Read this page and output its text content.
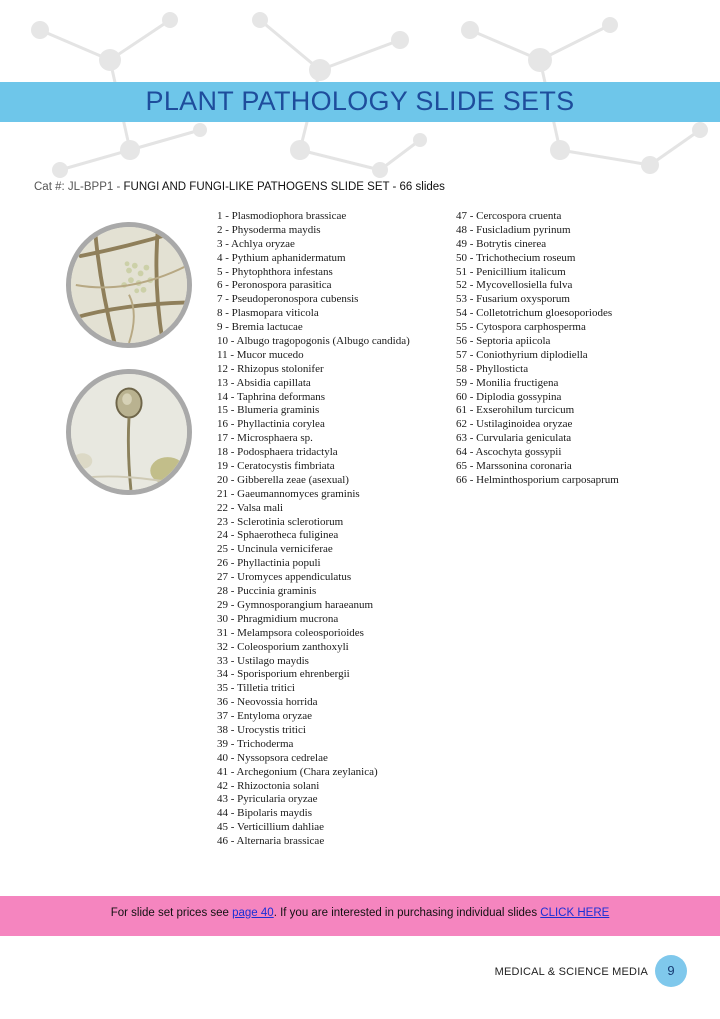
PLANT PATHOLOGY SLIDE SETS
Cat #: JL-BPP1 - FUNGI AND FUNGI-LIKE PATHOGENS SLIDE SET - 66 slides
1 - Plasmodiophora brassicae
2 - Physoderma maydis
3 - Achlya oryzae
4 - Pythium aphanidermatum
5 - Phytophthora infestans
6 - Peronospora parasitica
7 - Pseudoperonospora cubensis
8 - Plasmopara viticola
9 - Bremia lactucae
10 - Albugo tragopogonis (Albugo candida)
11 - Mucor mucedo
12 - Rhizopus stolonifer
13 - Absidia capillata
14 - Taphrina deformans
15 - Blumeria graminis
16 - Phyllactinia corylea
17 - Microsphaera sp.
18 - Podosphaera tridactyla
19 - Ceratocystis fimbriata
20 - Gibberella zeae (asexual)
21 - Gaeumannomyces graminis
22 - Valsa mali
23 - Sclerotinia sclerotiorum
24 - Sphaerotheca fuliginea
25 - Uncinula verniciferae
26 - Phyllactinia populi
27 - Uromyces appendiculatus
28 - Puccinia graminis
29 - Gymnosporangium haraeanum
30 - Phragmidium mucrona
31 - Melampsora coleosporioides
32 - Coleosporium zanthoxyli
33 - Ustilago maydis
34 - Sporisporium ehrenbergii
35 - Tilletia tritici
36 - Neovossia horrida
37 - Entyloma oryzae
38 - Urocystis tritici
39 - Trichoderma
40 - Nyssopsora cedrelae
41 - Archegonium (Chara zeylanica)
42 - Rhizoctonia solani
43 - Pyricularia oryzae
44 - Bipolaris maydis
45 - Verticillium dahliae
46 - Alternaria brassicae
47 - Cercospora cruenta
48 - Fusicladium pyrinum
49 - Botrytis cinerea
50 - Trichothecium roseum
51 - Penicillium italicum
52 - Mycovellosiella fulva
53 - Fusarium oxysporum
54 - Colletotrichum gloesoporiodes
55 - Cytospora carphosperma
56 - Septoria apiicola
57 - Coniothyrium diplodiella
58 - Phyllosticta
59 - Monilia fructigena
60 - Diplodia gossypina
61 - Exserohilum turcicum
62 - Ustilaginoidea oryzae
63 - Curvularia geniculata
64 - Ascochyta gossypii
65 - Marssonina coronaria
66 - Helminthosporium carposaprum
For slide set prices see page 40. If you are interested in purchasing individual slides CLICK HERE
MEDICAL & SCIENCE MEDIA	9
